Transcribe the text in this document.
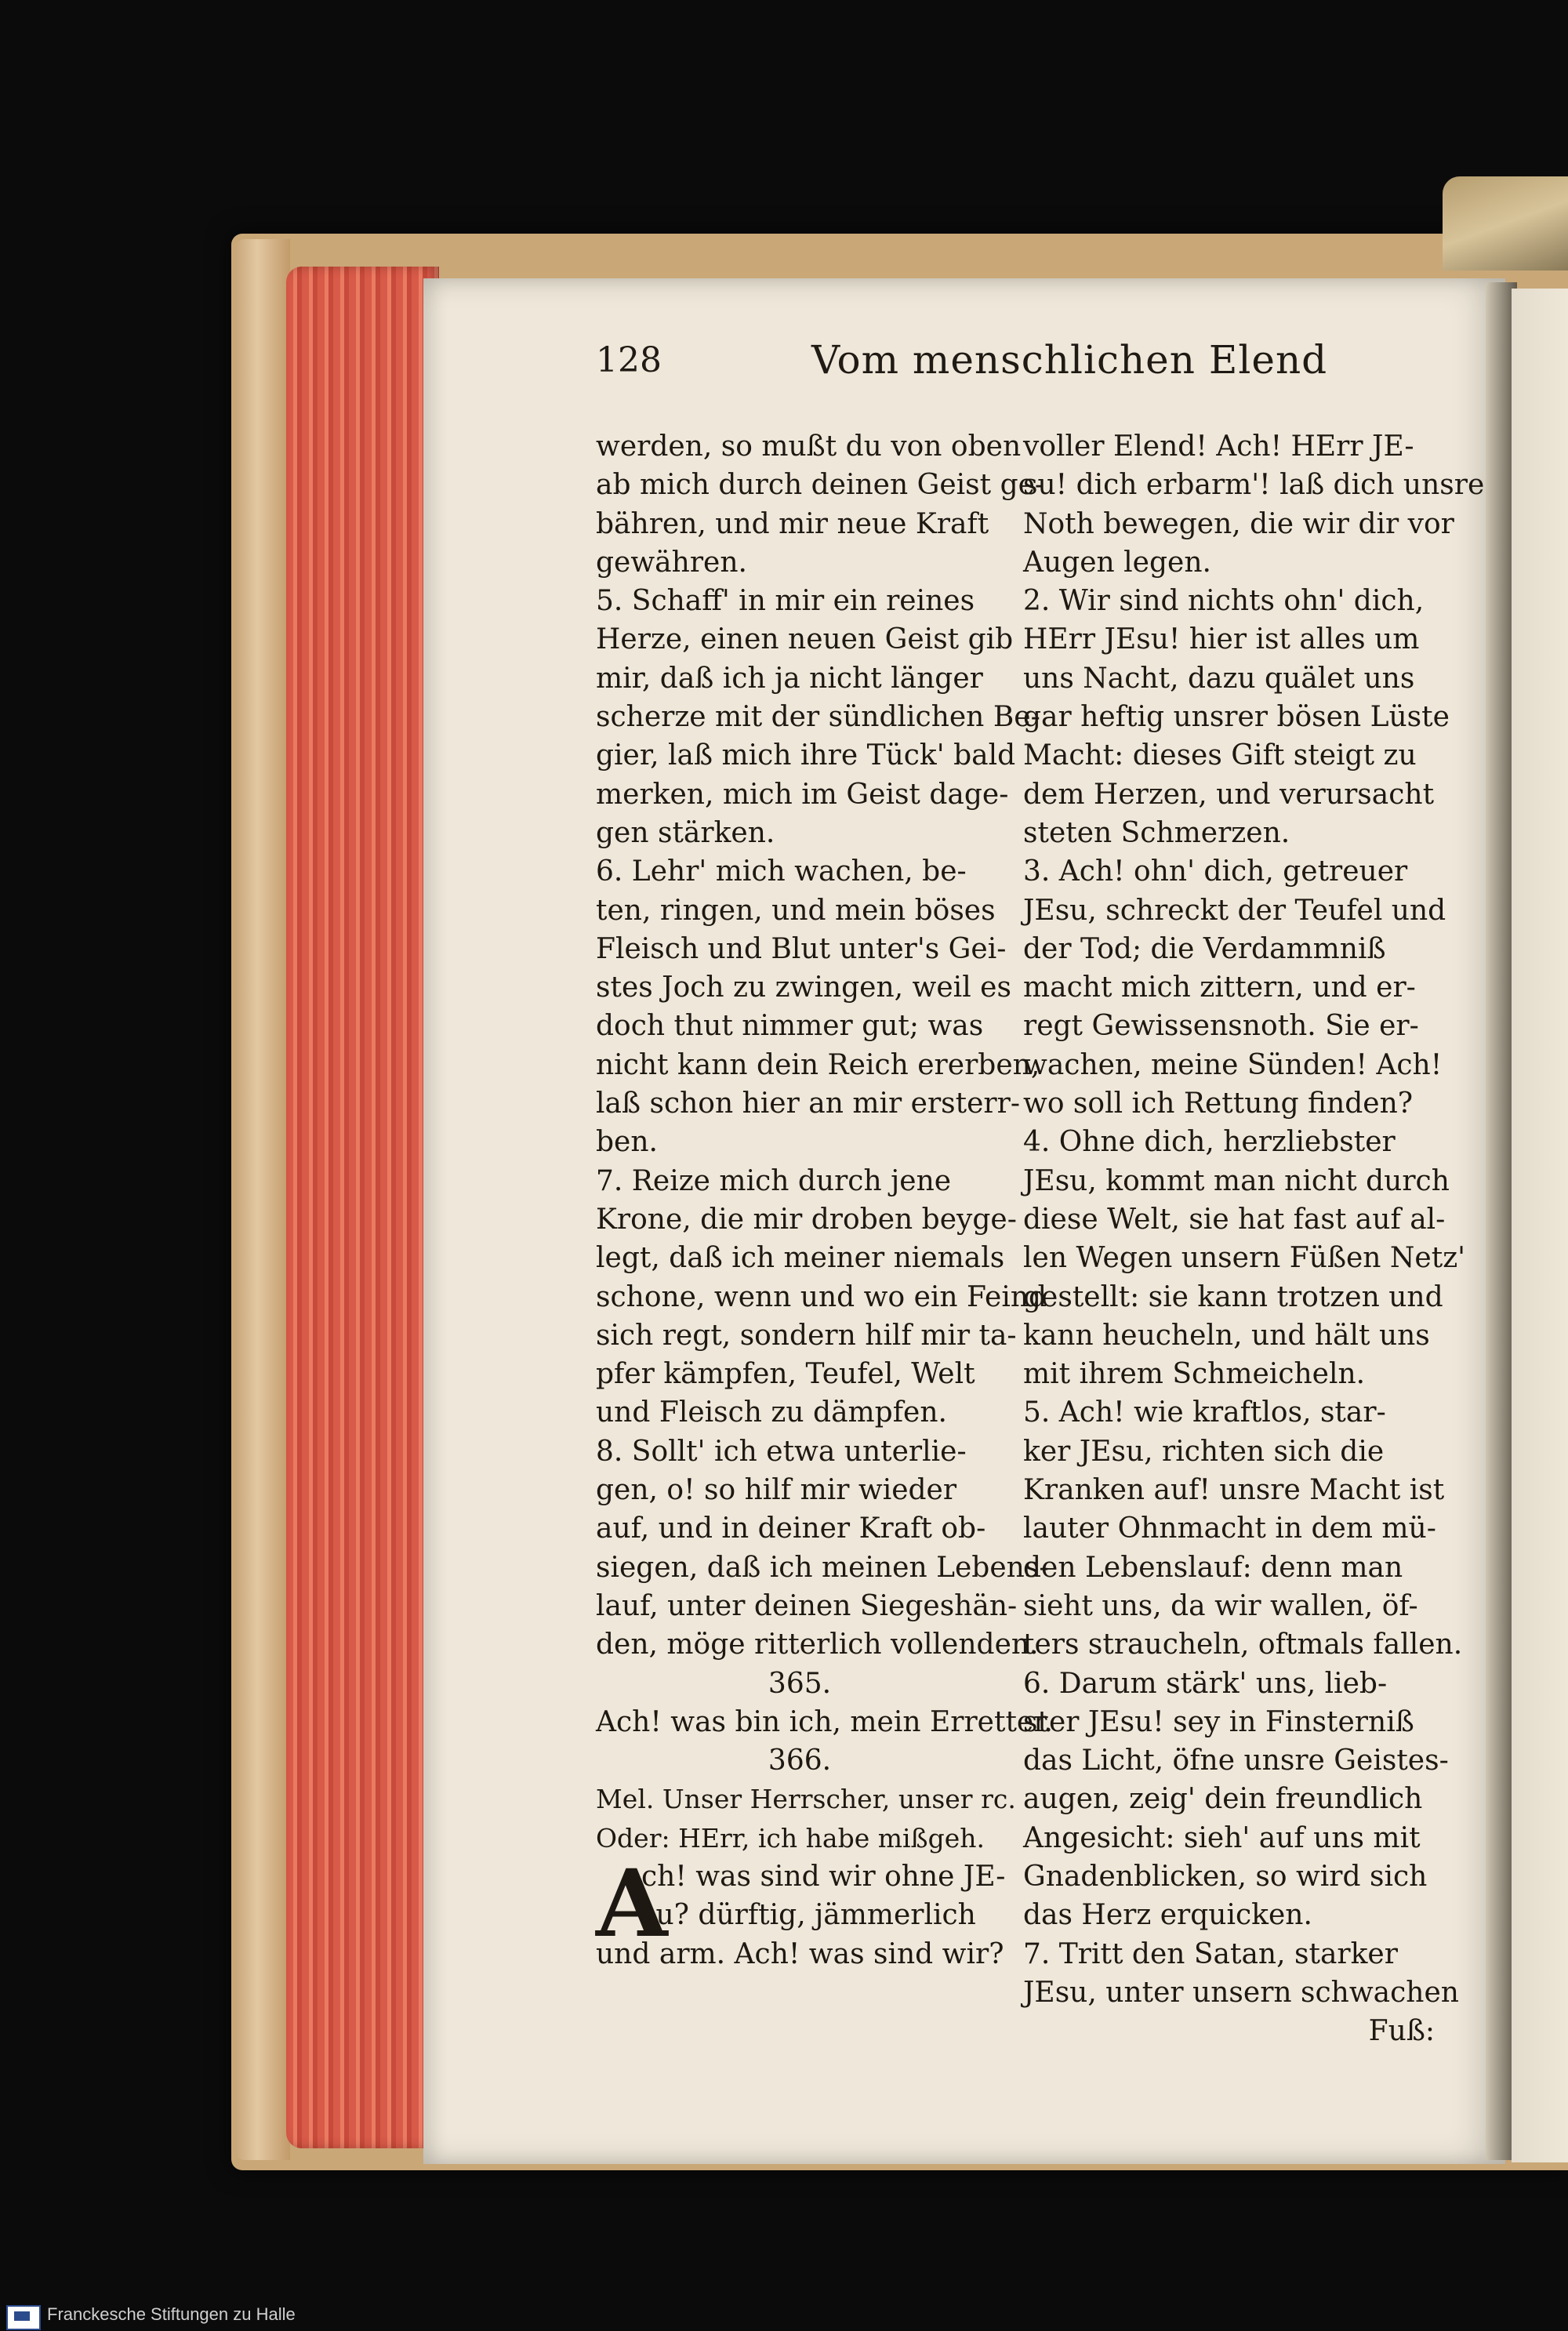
128	Vom menschlichen Elend
werden, so mußt du von oben
ab mich durch deinen Geist ge-
bähren, und mir neue Kraft
gewähren.
5. Schaff' in mir ein reines
Herze, einen neuen Geist gib
mir, daß ich ja nicht länger
scherze mit der sündlichen Be-
gier, laß mich ihre Tück' bald
merken, mich im Geist dage-
gen stärken.
6. Lehr' mich wachen, be-
ten, ringen, und mein böses
Fleisch und Blut unter's Gei-
stes Joch zu zwingen, weil es
doch thut nimmer gut; was
nicht kann dein Reich ererben,
laß schon hier an mir ersterr-
ben.
7. Reize mich durch jene
Krone, die mir droben beyge-
legt, daß ich meiner niemals
schone, wenn und wo ein Feind
sich regt, sondern hilf mir ta-
pfer kämpfen, Teufel, Welt
und Fleisch zu dämpfen.
8. Sollt' ich etwa unterlie-
gen, o! so hilf mir wieder
auf, und in deiner Kraft ob-
siegen, daß ich meinen Lebens-
lauf, unter deinen Siegeshän-
den, möge ritterlich vollenden.
365.
Ach! was bin ich, mein Erretter.
366.
Mel. Unser Herrscher, unser rc.
Oder: HErr, ich habe mißgeh.
A
ch! was sind wir ohne JE-
su? dürftig, jämmerlich
und arm. Ach! was sind wir?
voller Elend! Ach! HErr JE-
su! dich erbarm'! laß dich unsre
Noth bewegen, die wir dir vor
Augen legen.
2. Wir sind nichts ohn' dich,
HErr JEsu! hier ist alles um
uns Nacht, dazu quälet uns
gar heftig unsrer bösen Lüste
Macht: dieses Gift steigt zu
dem Herzen, und verursacht
steten Schmerzen.
3. Ach! ohn' dich, getreuer
JEsu, schreckt der Teufel und
der Tod; die Verdammniß
macht mich zittern, und er-
regt Gewissensnoth. Sie er-
wachen, meine Sünden! Ach!
wo soll ich Rettung finden?
4. Ohne dich, herzliebster
JEsu, kommt man nicht durch
diese Welt, sie hat fast auf al-
len Wegen unsern Füßen Netz'
gestellt: sie kann trotzen und
kann heucheln, und hält uns
mit ihrem Schmeicheln.
5. Ach! wie kraftlos, star-
ker JEsu, richten sich die
Kranken auf! unsre Macht ist
lauter Ohnmacht in dem mü-
den Lebenslauf: denn man
sieht uns, da wir wallen, öf-
ters straucheln, oftmals fallen.
6. Darum stärk' uns, lieb-
ster JEsu! sey in Finsterniß
das Licht, öfne unsre Geistes-
augen, zeig' dein freundlich
Angesicht: sieh' auf uns mit
Gnadenblicken, so wird sich
das Herz erquicken.
7. Tritt den Satan, starker
JEsu, unter unsern schwachen
Fuß:
Franckesche Stiftungen zu Halle
